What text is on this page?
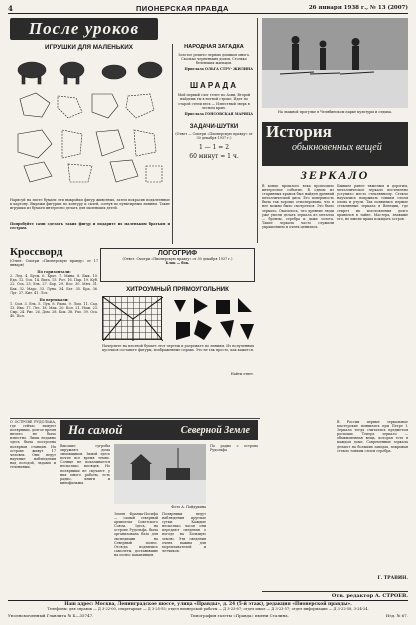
4	ПИОНЕРСКАЯ ПРАВДА	26 января 1938 г., № 13 (2007)
После уроков
ИГРУШКИ ДЛЯ МАЛЕНЬКИХ
Нарисуй на листе бумаги эти выкройки фигур животных, затем покрасив подклеенные к картону. Вырежи фигурки по контуру и склей, согнув по пунктирным линиям. Такие игрушки из бумаги интересно делать для маленьких детей.
Попробуйте сами сделать таких фигур и подарите их маленьким братьям и сестрам.
НАРОДНАЯ ЗАГАДКА
Золотое решето черных домиков много. Сколько черненьких домов, Столько беленьких жильцов.
Прислала ОЛЬГА СТРУ- ЖИЛИНА
ШАРАДА
Мой первый слог течет по Азии, Второй найдешь ты в нотной строке, Идет по старой степи весь — Известный зверь в лесном краю.
Прислала ГОНСОВСКАЯ МАРИЦА
ЗАДАЧИ-ШУТКИ
(Ответ — Смотри «Пионерскую правду» от 30 декабря 1937 г.)
1 — 1 = 2
60 минут = 1 ч.
Кроссворд
(Ответ. Смотри «Пионерскую правду» от 17 января)
По горизонтали:
2. Лед. 4. Бусы. 6. Брат. 7. Мина. 8. Бык. 10. Еда. 12. Ось. 14. Вата. 15. Рот. 16. Пар. 19. Куб. 22. Оса. 25. Ель. 27. Бор. 29. Нос. 30. Мяч. 31. Бак. 32. Марс. 33. Луна. 34. Бег. 35. Бра. 36. Луг. 37. Кит. 41. Лот.
По вертикали:
1. Сом. 3. Ель. 5. Лук. 8. Рама. 9. Лом. 11. Сад. 13. Ива. 17. Лес. 18. Мак. 20. Кол. 21. Нож. 23. Сыр. 24. Рис. 26. Дом. 28. Бок. 38. Ухо. 39. Оса. 40. Пол.
ЛОГОГРИФ
(Ответ. Смотри «Пионерскую правду» от 30 декабря 1937 г.)
Блок — бок.
ХИТРОУМНЫЙ ПРЯМОУГОЛЬНИК
Начертите на плотной бумаге этот чертеж и разрежьте по линиям. Из полученных кусочков составьте фигуры, изображенные справа. Это не так просто, как кажется.
Найти ответ.
На лыжной прогулке в Челябинском парке культуры и отдыха.
История
обыкновенных вещей
ЗЕРКАЛО
В конце прошлого века произошло интересное событие. В одном из старинных храмов был найден древний металлический диск. Его поверхность была так хорошо отполирована, что в нее можно было смотреться. Это было зеркало. Оказалось, что древние люди уже умели делать зеркала из металла — бронзы, серебра и даже золота. Такие зеркала часто служили украшением и очень ценились.
Бывшее ранее тяжелым и дорогим, металлическое зеркало постепенно уступило место стеклянному. Стекло научились покрывать тонким слоем олова и ртути. Так появились первые стеклянные зеркала в Венеции, где секрет их изготовления долго хранился в тайне. Мастера, знавшие его, не имели права покидать остров.
В России первые зеркальные мастерские появились при Петре I. Зеркала тогда считались предметом роскоши. Теперь зеркало — обыкновенная вещь, которая есть в каждом доме. Современные зеркала делают на больших заводах, покрывая стекло тонким слоем серебра.
Г. ТРАВИН.
О ОСТРОВЕ РУДОЛЬФА, где сейчас зимуют полярники, долгое время ничего не было известно. Лишь недавно здесь была построена полярная станция. На острове живут 17 человек. Они ведут научные наблюдения над погодой, льдами и течениями.
На самой	Северной Земле
Высокие сугробы окружают дома зимовщиков. Зимой здесь почти все время темно. Солнце не показывается несколько месяцев. Но полярники не скучают: у них много работы, есть радио, книги и кинофильмы.
Фото А. Пойдукина
Земля Франца-Иосифа — самый северный архипелаг Советского Союза. Здесь, на острове Рудольфа, была организована база для экспедиции на Северный полюс. Отсюда поднялись самолеты, доставившие на полюс папанинцев.
Полярники ведут наблюдения круглые сутки. Каждые несколько часов они передают сведения о погоде на Большую землю. Эти сведения очень важны для мореплавателей и летчиков.
По радио с острова Рудольфа
Отв. редактор А. СТРОЕВ.
Наш адрес: Москва, Ленинградское шоссе, улица «Правды», д. 24 (5-й этаж), редакция «Пионерской правды».
Телефоны: для справок — Д 3-22-00, секретариат — Д 3-25-55; отдел пионерской работы — Д 3-23-67; отдел школ — Д 3-23-57; отдел информации — Д 3-22-58, 3-24-24.
Уполномоченный Главлита № Б—35747.	Типография газеты «Правда» имени Сталина.	Изд. № 67.
